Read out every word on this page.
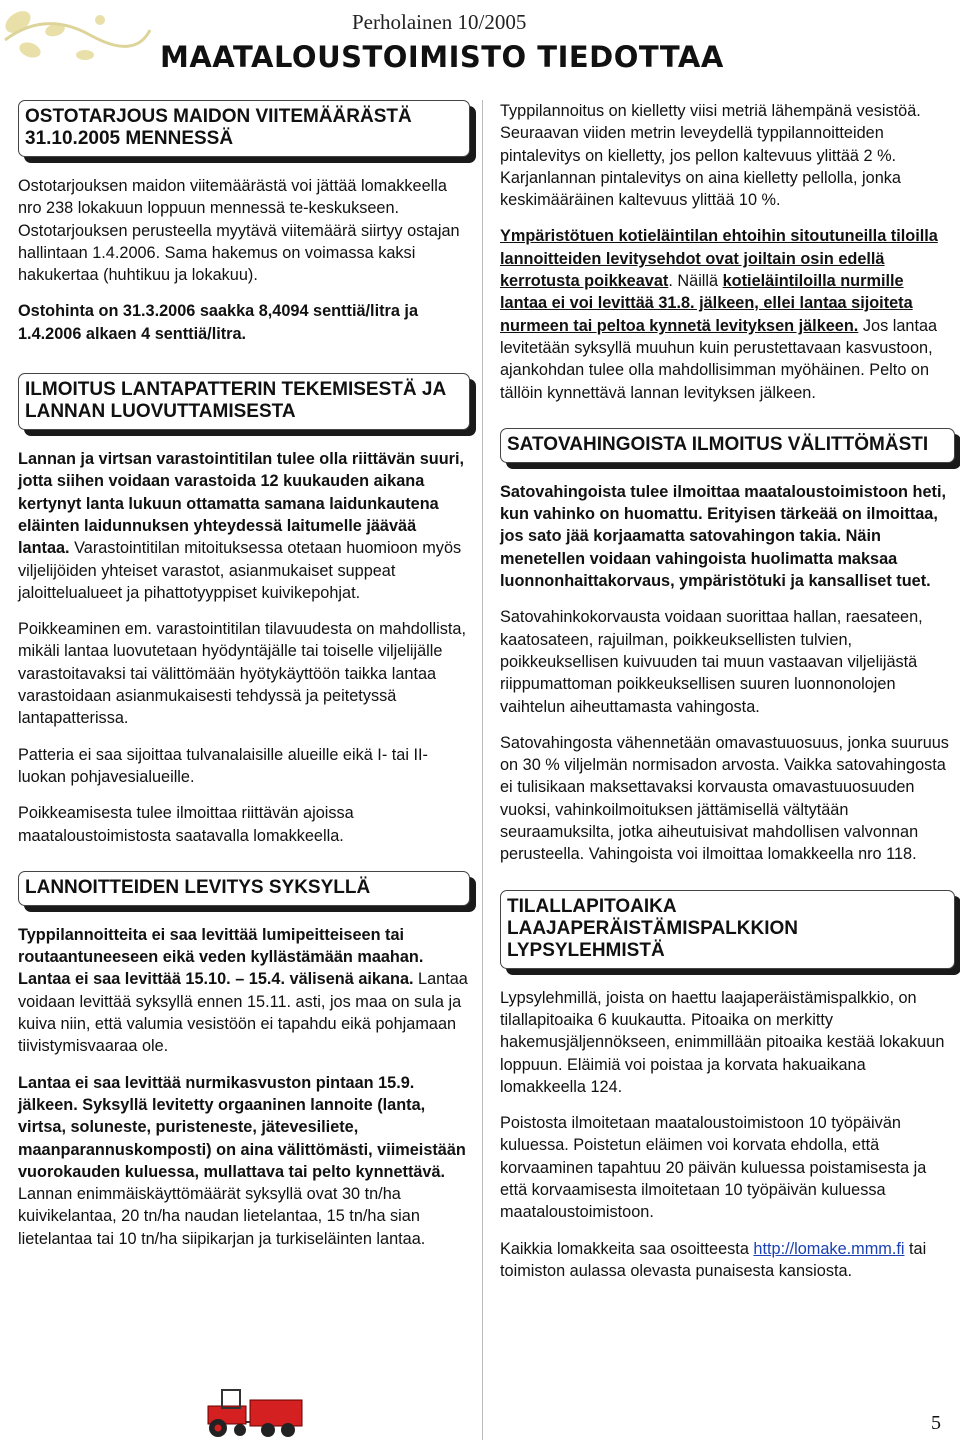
Perholainen 10/2005
MAATALOUSTOIMISTO TIEDOTTAA
OSTOTARJOUS MAIDON VIITEMÄÄRÄSTÄ 31.10.2005 MENNESSÄ

Ostotarjouksen maidon viitemäärästä voi jättää lomakkeella nro 238 lokakuun loppuun mennessä te-keskukseen. Ostotarjouksen perusteella myytävä viitemäärä siirtyy ostajan hallintaan 1.4.2006. Sama hakemus on voimassa kaksi hakukertaa (huhtikuu ja lokakuu).

Ostohinta on 31.3.2006 saakka 8,4094 senttiä/litra ja 1.4.2006 alkaen 4 senttiä/litra.

ILMOITUS LANTAPATTERIN TEKEMISESTÄ JA LANNAN LUOVUTTAMISESTA

Lannan ja virtsan varastointitilan tulee olla riittävän suuri, jotta siihen voidaan varastoida 12 kuukauden aikana kertynyt lanta lukuun ottamatta samana laidunkautena eläinten laidunnuksen yhteydessä laitumelle jäävää lantaa. Varastointitilan mitoituksessa otetaan huomioon myös viljelijöiden yhteiset varastot, asianmukaiset suppeat jaloittelualueet ja pihattotyyppiset kuivikepohjat.

Poikkeaminen em. varastointitilan tilavuudesta on mahdollista, mikäli lantaa luovutetaan hyödyntäjälle tai toiselle viljelijälle varastoitavaksi tai välittömään hyötykäyttöön taikka lantaa varastoidaan asianmukaisesti tehdyssä ja peitetyssä lantapatterissa.

Patteria ei saa sijoittaa tulvanalaisille alueille eikä I- tai II-luokan pohjavesialueille.

Poikkeamisesta tulee ilmoittaa riittävän ajoissa maataloustoimistosta saatavalla lomakkeella.

LANNOITTEIDEN LEVITYS SYKSYLLÄ

Typpilannoitteita ei saa levittää lumipeitteiseen tai routaantuneeseen eikä veden kyllästämään maahan. Lantaa ei saa levittää 15.10. – 15.4. välisenä aikana. Lantaa voidaan levittää syksyllä ennen 15.11. asti, jos maa on sula ja kuiva niin, että valumia vesistöön ei tapahdu eikä pohjamaan tiivistymisvaaraa ole.

Lantaa ei saa levittää nurmikasvuston pintaan 15.9. jälkeen. Syksyllä levitetty orgaaninen lannoite (lanta, virtsa, soluneste, puristeneste, jätevesiliete, maanparannuskomposti) on aina välittömästi, viimeistään vuorokauden kuluessa, mullattava tai pelto kynnettävä. Lannan enimmäiskäyttömäärät syksyllä ovat 30 tn/ha kuivikelantaa, 20 tn/ha naudan lietelantaa, 15 tn/ha sian lietelantaa tai 10 tn/ha siipikarjan ja turkiseläinten lantaa.

Typpilannoitus on kielletty viisi metriä lähempänä vesistöä. Seuraavan viiden metrin leveydellä typpilannoitteiden pintalevitys on kielletty, jos pellon kaltevuus ylittää 2 %. Karjanlannan pintalevitys on aina kielletty pellolla, jonka keskimääräinen kaltevuus ylittää 10 %.

Ympäristötuen kotieläintilan ehtoihin sitoutuneilla tiloilla lannoitteiden levitysehdot ovat joiltain osin edellä kerrotusta poikkeavat. Näillä kotieläintiloilla nurmille lantaa ei voi levittää 31.8. jälkeen, ellei lantaa sijoiteta nurmeen tai peltoa kynnetä levityksen jälkeen. Jos lantaa levitetään syksyllä muuhun kuin perustettavaan kasvustoon, ajankohdan tulee olla mahdollisimman myöhäinen. Pelto on tällöin kynnettävä lannan levityksen jälkeen.

SATOVAHINGOISTA ILMOITUS VÄLITTÖMÄSTI

Satovahingoista tulee ilmoittaa maataloustoimistoon heti, kun vahinko on huomattu. Erityisen tärkeää on ilmoittaa, jos sato jää korjaamatta satovahingon takia. Näin menetellen voidaan vahingoista huolimatta maksaa luonnonhaittakorvaus, ympäristötuki ja kansalliset tuet.

Satovahinkokorvausta voidaan suorittaa hallan, raesateen, kaatosateen, rajuilman, poikkeuksellisten tulvien, poikkeuksellisen kuivuuden tai muun vastaavan viljelijästä riippumattoman poikkeuksellisen suuren luonnonolojen vaihtelun aiheuttamasta vahingosta.

Satovahingosta vähennetään omavastuuosuus, jonka suuruus on 30 % viljelmän normisadon arvosta. Vaikka satovahingosta ei tulisikaan maksettavaksi korvausta omavastuuosuuden vuoksi, vahinkoilmoituksen jättämisellä vältytään seuraamuksilta, jotka aiheutuisivat mahdollisen valvonnan perusteella. Vahingoista voi ilmoittaa lomakkeella nro 118.

TILALLAPITOAIKA LAAJAPERÄISTÄMISPALKKION LYPSYLEHMISTÄ

Lypsylehmillä, joista on haettu laajaperäistämispalkkio, on tilallapitoaika 6 kuukautta. Pitoaika on merkitty hakemusjäljennökseen, enimmillään pitoaika kestää lokakuun loppuun. Eläimiä voi poistaa ja korvata hakuaikana lomakkeella 124.

Poistosta ilmoitetaan maataloustoimistoon 10 työpäivän kuluessa. Poistetun eläimen voi korvata ehdolla, että korvaaminen tapahtuu 20 päivän kuluessa poistamisesta ja että korvaamisesta ilmoitetaan 10 työpäivän kuluessa maataloustoimistoon.

Kaikkia lomakkeita saa osoitteesta http://lomake.mmm.fi tai toimiston aulassa olevasta punaisesta kansiosta.

5
